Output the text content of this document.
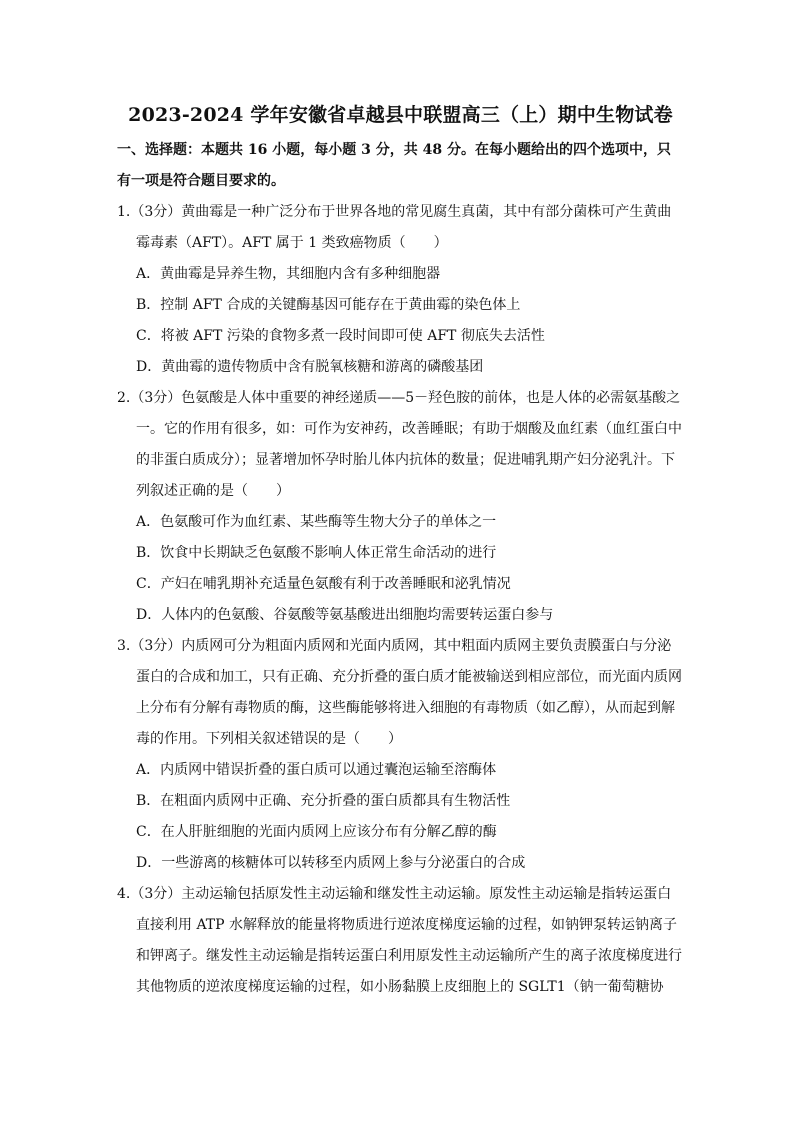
2023-2024 学年安徽省卓越县中联盟高三（上）期中生物试卷

一、选择题：本题共 16 小题，每小题 3 分，共 48 分。在每小题给出的四个选项中，只有一项是符合题目要求的。

1.（3分）黄曲霉是一种广泛分布于世界各地的常见腐生真菌，其中有部分菌株可产生黄曲霉毒素（AFT）。AFT 属于 1 类致癌物质（　　）

A．黄曲霉是异养生物，其细胞内含有多种细胞器
B．控制 AFT 合成的关键酶基因可能存在于黄曲霉的染色体上
C．将被 AFT 污染的食物多煮一段时间即可使 AFT 彻底失去活性
D．黄曲霉的遗传物质中含有脱氧核糖和游离的磷酸基团

2.（3分）色氨酸是人体中重要的神经递质——5－羟色胺的前体，也是人体的必需氨基酸之一。它的作用有很多，如：可作为安神药，改善睡眠；有助于烟酸及血红素（血红蛋白中的非蛋白质成分）；显著增加怀孕时胎儿体内抗体的数量；促进哺乳期产妇分泌乳汁。下列叙述正确的是（　　）

A．色氨酸可作为血红素、某些酶等生物大分子的单体之一
B．饮食中长期缺乏色氨酸不影响人体正常生命活动的进行
C．产妇在哺乳期补充适量色氨酸有利于改善睡眠和泌乳情况
D．人体内的色氨酸、谷氨酸等氨基酸进出细胞均需要转运蛋白参与

3.（3分）内质网可分为粗面内质网和光面内质网，其中粗面内质网主要负责膜蛋白与分泌蛋白的合成和加工，只有正确、充分折叠的蛋白质才能被输送到相应部位，而光面内质网上分布有分解有毒物质的酶，这些酶能够将进入细胞的有毒物质（如乙醇），从而起到解毒的作用。下列相关叙述错误的是（　　）

A．内质网中错误折叠的蛋白质可以通过囊泡运输至溶酶体
B．在粗面内质网中正确、充分折叠的蛋白质都具有生物活性
C．在人肝脏细胞的光面内质网上应该分布有分解乙醇的酶
D．一些游离的核糖体可以转移至内质网上参与分泌蛋白的合成

4.（3分）主动运输包括原发性主动运输和继发性主动运输。原发性主动运输是指转运蛋白直接利用 ATP 水解释放的能量将物质进行逆浓度梯度运输的过程，如钠钾泵转运钠离子和钾离子。继发性主动运输是指转运蛋白利用原发性主动运输所产生的离子浓度梯度进行其他物质的逆浓度梯度运输的过程，如小肠黏膜上皮细胞上的 SGLT1（钠一葡萄糖协
